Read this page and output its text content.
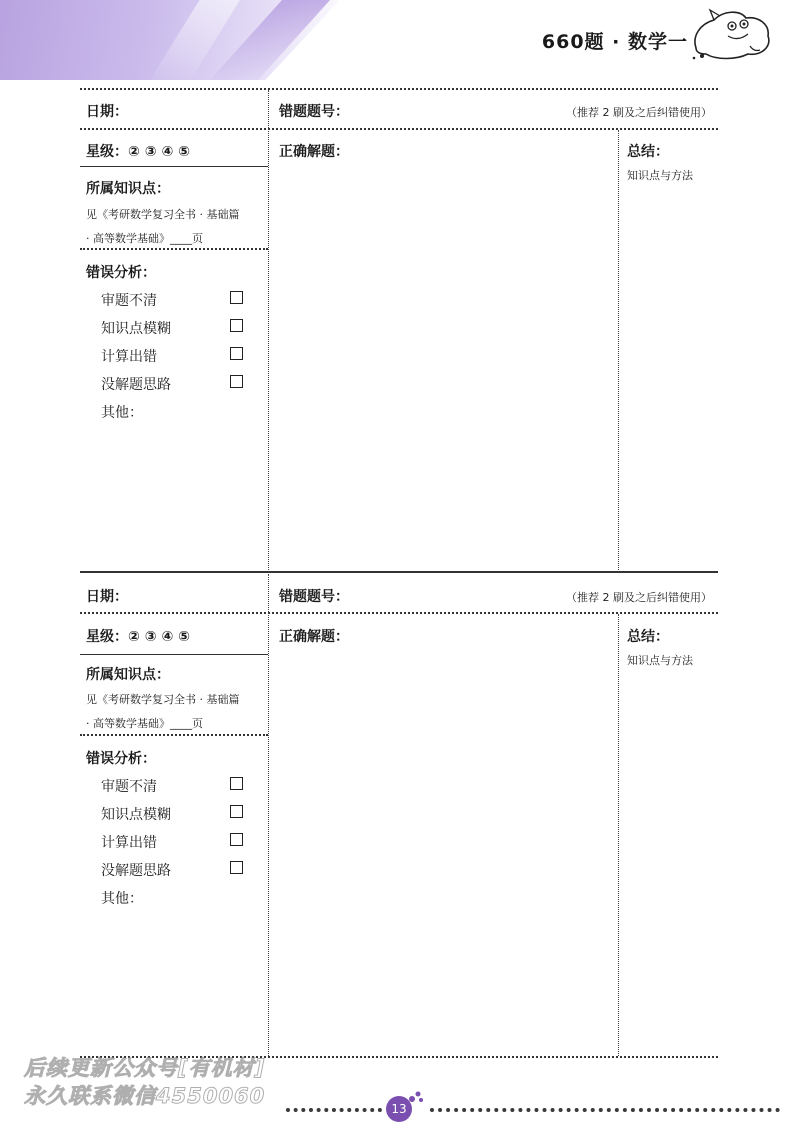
660题 · 数学一
日期：	错题题号：	（推荐 2 刷及之后纠错使用）
星级：② ③ ④ ⑤	正确解题：	总结：
知识点与方法
所属知识点：
见《考研数学复习全书 · 基础篇
· 高等数学基础》____页
错误分析：
审题不清
知识点模糊
计算出错
没解题思路
其他：
日期：	错题题号：	（推荐 2 刷及之后纠错使用）
星级：② ③ ④ ⑤	正确解题：	总结：
知识点与方法
所属知识点：
见《考研数学复习全书 · 基础篇
· 高等数学基础》____页
错误分析：
审题不清
知识点模糊
计算出错
没解题思路
其他：
后续更新公众号[有机材]
永久联系微信4550060
13
